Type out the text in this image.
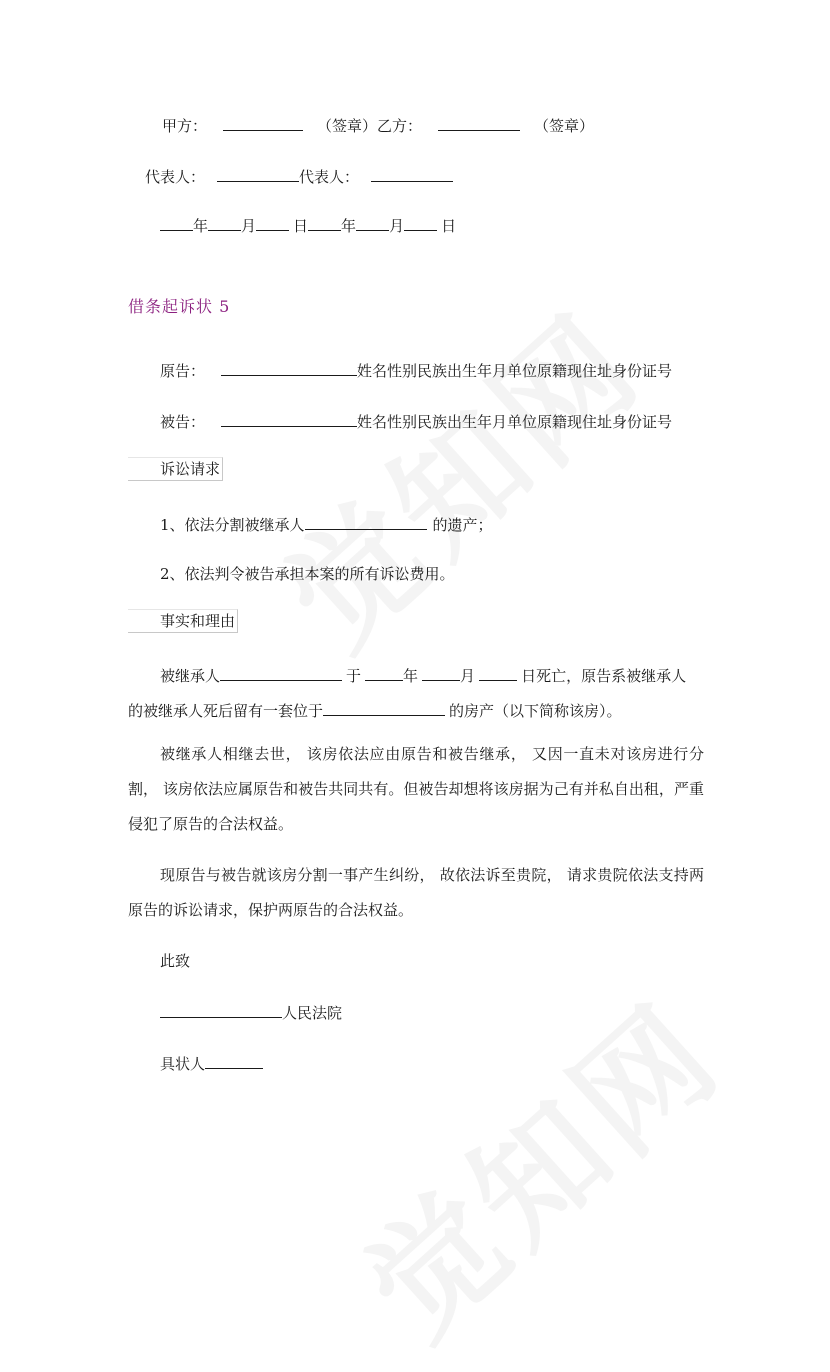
甲方：	（签章）乙方：	（签章）
代表人：	代表人：
年 月 日 年 月 日
借条起诉状 5
原告：	姓名性别民族出生年月单位原籍现住址身份证号
被告：	姓名性别民族出生年月单位原籍现住址身份证号
诉讼请求
1、依法分割被继承人	的遗产；
2、依法判令被告承担本案的所有诉讼费用。
事实和理由
被继承人	于	年	月	日死亡，原告系被继承人
的被继承人死后留有一套位于	的房产（以下简称该房）。
被继承人相继去世， 该房依法应由原告和被告继承， 又因一直未对该房进行分割， 该房依法应属原告和被告共同共有。但被告却想将该房据为己有并私自出租，严重侵犯了原告的合法权益。
现原告与被告就该房分割一事产生纠纷， 故依法诉至贵院， 请求贵院依法支持两原告的诉讼请求，保护两原告的合法权益。
此致
人民法院
具状人
